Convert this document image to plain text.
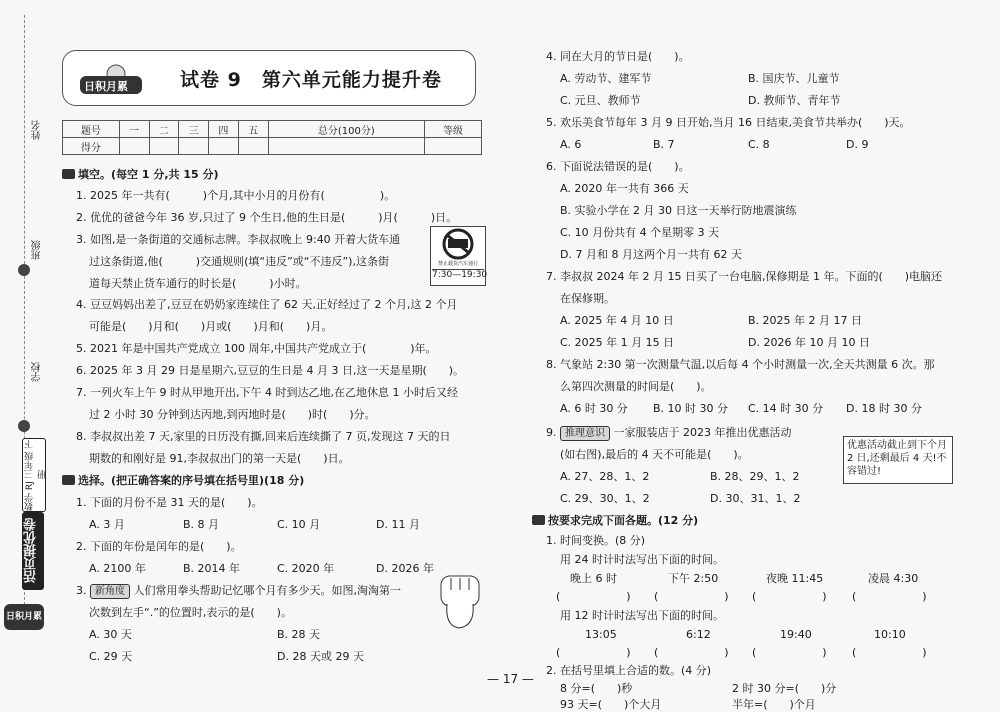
姓名
班级
学校
数学 RJ 三年级 下册
活页提优卷
日积月累
日积月累	试卷 9　第六单元能力提升卷
题号	一	二	三	四	五	总分(100分)	等级
得分							
填空。(每空 1 分,共 15 分)
1. 2025 年一共有(　　　)个月,其中小月的月份有(　　　　　)。
2. 优优的爸爸今年 36 岁,只过了 9 个生日,他的生日是(　　　)月(　　　)日。
3. 如图,是一条街道的交通标志牌。李叔叔晚上 9:40 开着大货车通
过这条街道,他(　　　)交通规则(填“违反”或“不违反”),这条街
道每天禁止货车通行的时长是(　　　)小时。
禁止载货汽车通行
7:30—19:30
4. 豆豆妈妈出差了,豆豆在奶奶家连续住了 62 天,正好经过了 2 个月,这 2 个月
可能是(　　)月和(　　)月或(　　)月和(　　)月。
5. 2021 年是中国共产党成立 100 周年,中国共产党成立于(　　　　)年。
6. 2025 年 3 月 29 日是星期六,豆豆的生日是 4 月 3 日,这一天是星期(　　)。
7. 一列火车上午 9 时从甲地开出,下午 4 时到达乙地,在乙地休息 1 小时后又经
过 2 小时 30 分钟到达丙地,到丙地时是(　　)时(　　)分。
8. 李叔叔出差 7 天,家里的日历没有撕,回来后连续撕了 7 页,发现这 7 天的日
期数的和刚好是 91,李叔叔出门的第一天是(　　)日。
选择。(把正确答案的序号填在括号里)(18 分)
1. 下面的月份不是 31 天的是(　　)。
A. 3 月	B. 8 月	C. 10 月	D. 11 月
2. 下面的年份是闰年的是(　　)。
A. 2100 年	B. 2014 年	C. 2020 年	D. 2026 年
3. 新角度 人们常用拳头帮助记忆哪个月有多少天。如图,淘淘第一
次数到左手“.”的位置时,表示的是(　　)。
A. 30 天	B. 28 天
C. 29 天	D. 28 天或 29 天
4. 同在大月的节日是(　　)。
A. 劳动节、建军节	B. 国庆节、儿童节
C. 元旦、教师节	D. 教师节、青年节
5. 欢乐美食节每年 3 月 9 日开始,当月 16 日结束,美食节共举办(　　)天。
A. 6	B. 7	C. 8	D. 9
6. 下面说法错误的是(　　)。
A. 2020 年一共有 366 天
B. 实验小学在 2 月 30 日这一天举行防地震演练
C. 10 月份共有 4 个星期零 3 天
D. 7 月和 8 月这两个月一共有 62 天
7. 李叔叔 2024 年 2 月 15 日买了一台电脑,保修期是 1 年。下面的(　　)电脑还
在保修期。
A. 2025 年 4 月 10 日	B. 2025 年 2 月 17 日
C. 2025 年 1 月 15 日	D. 2026 年 10 月 10 日
8. 气象站 2:30 第一次测量气温,以后每 4 个小时测量一次,全天共测量 6 次。那
么第四次测量的时间是(　　)。
A. 6 时 30 分 B. 10 时 30 分 C. 14 时 30 分 D. 18 时 30 分
9. 推理意识 一家服装店于 2023 年推出优惠活动
优惠活动截止到下个月 2 日,还剩最后 4 天!不容错过!
(如右图),最后的 4 天不可能是(　　)。
A. 27、28、1、2	B. 28、29、1、2
C. 29、30、1、2	D. 30、31、1、2
按要求完成下面各题。(12 分)
1. 时间变换。(8 分)
用 24 时计时法写出下面的时间。
晚上 6 时	下午 2:50	夜晚 11:45	凌晨 4:30
(　　　　　　) (　　　　　　) (　　　　　　) (　　　　　　)
用 12 时计时法写出下面的时间。
13:05	6:12	19:40	10:10
(　　　　　　) (　　　　　　) (　　　　　　) (　　　　　　)
2. 在括号里填上合适的数。(4 分)
8 分=(　　)秒	2 时 30 分=(　　)分
93 天=(　　)个大月	半年=(　　)个月
— 17 —
